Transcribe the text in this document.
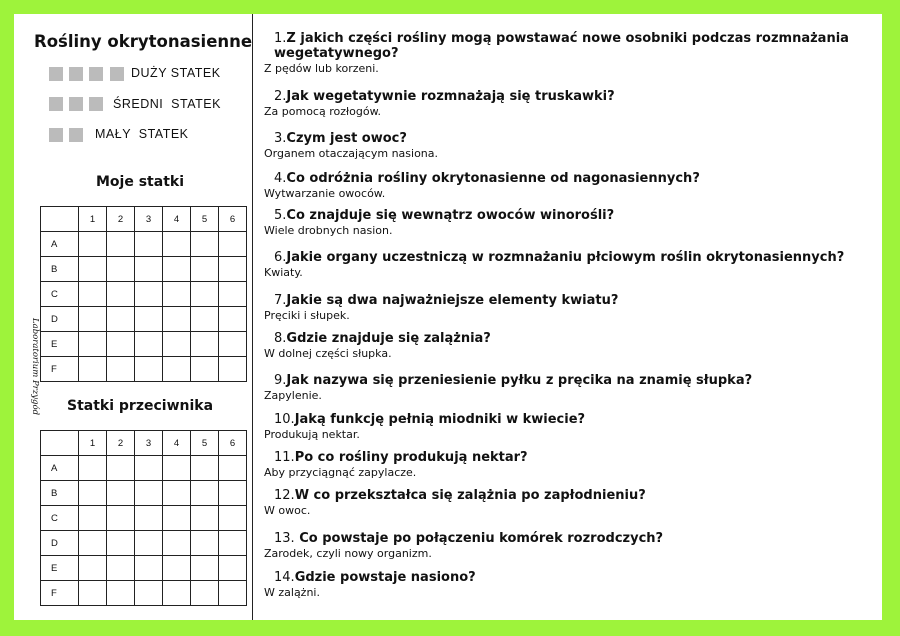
Rośliny okrytonasienne
DUŻY STATEK
ŚREDNI  STATEK
MAŁY  STATEK
Moje statki
	1	2	3	4	5	6
A						
B						
C						
D						
E						
F						
Statki przeciwnika
	1	2	3	4	5	6
A						
B						
C						
D						
E						
F						
Laboratorium Przygód
1.Z jakich części rośliny mogą powstawać nowe osobniki podczas rozmnażania wegetatywnego?
Z pędów lub korzeni.
2.Jak wegetatywnie rozmnażają się truskawki?
Za pomocą rozłogów.
3.Czym jest owoc?
Organem otaczającym nasiona.
4.Co odróżnia rośliny okrytonasienne od nagonasiennych?
Wytwarzanie owoców.
5.Co znajduje się wewnątrz owoców winorośli?
Wiele drobnych nasion.
6.Jakie organy uczestniczą w rozmnażaniu płciowym roślin okrytonasiennych?
Kwiaty.
7.Jakie są dwa najważniejsze elementy kwiatu?
Pręciki i słupek.
8.Gdzie znajduje się zalążnia?
W dolnej części słupka.
9.Jak nazywa się przeniesienie pyłku z pręcika na znamię słupka?
Zapylenie.
10.Jaką funkcję pełnią miodniki w kwiecie?
Produkują nektar.
11.Po co rośliny produkują nektar?
Aby przyciągnąć zapylacze.
12.W co przekształca się zalążnia po zapłodnieniu?
W owoc.
13. Co powstaje po połączeniu komórek rozrodczych?
Zarodek, czyli nowy organizm.
14.Gdzie powstaje nasiono?
W zalążni.
